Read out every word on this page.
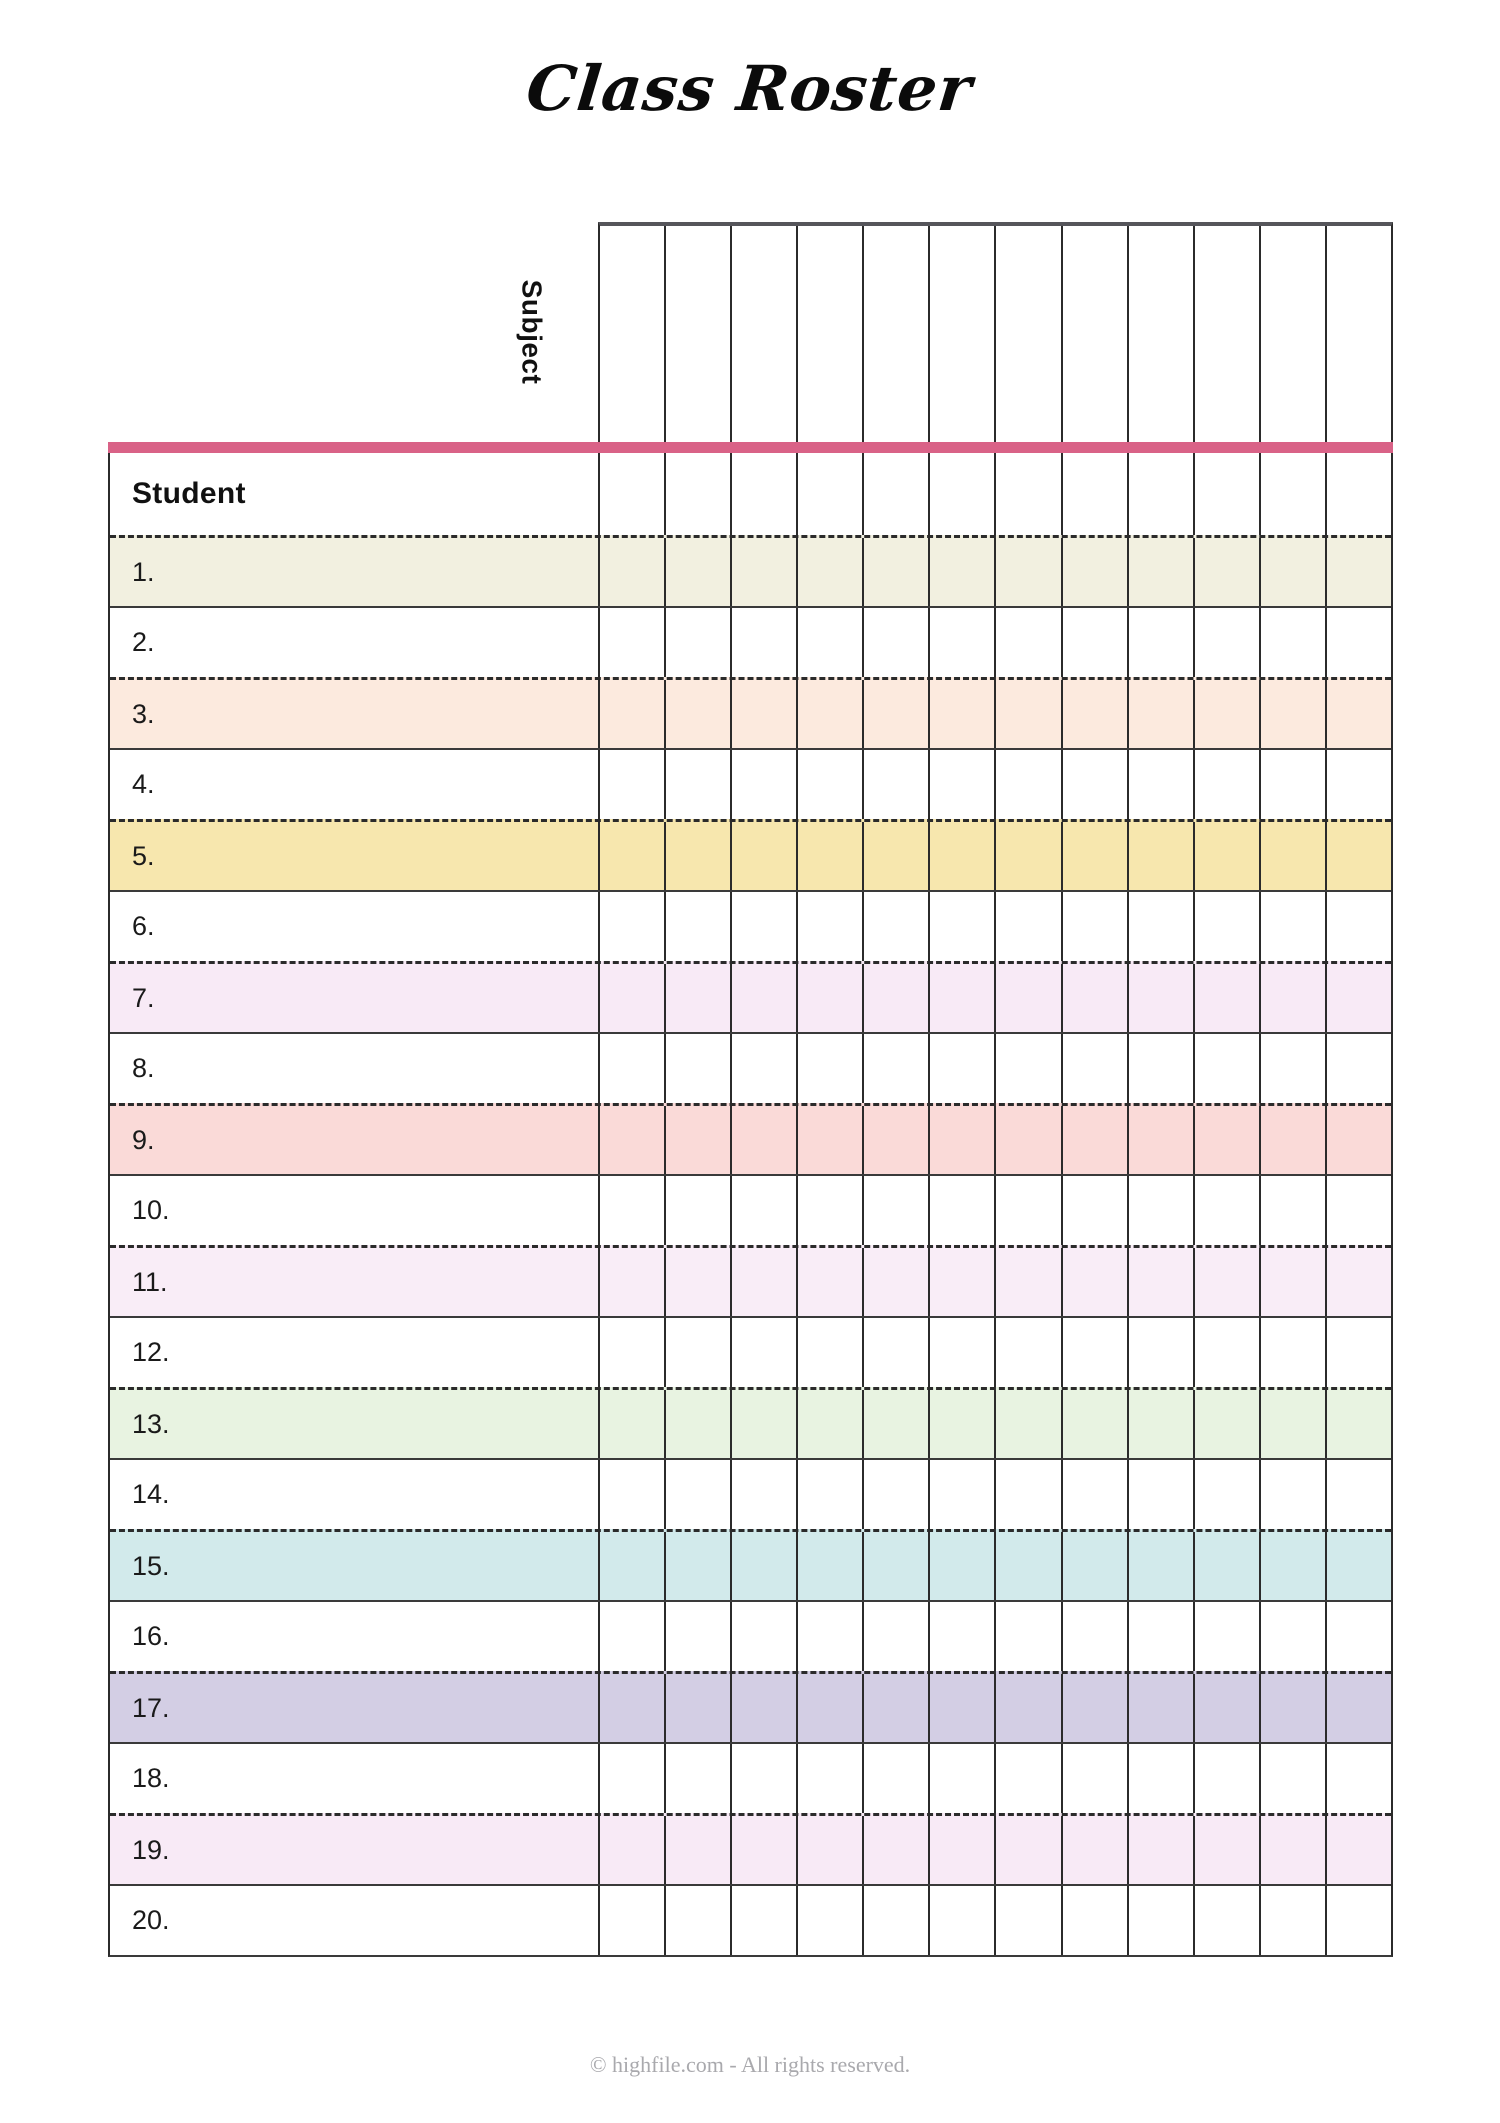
Class Roster
Subject
Student
1.
2.
3.
4.
5.
6.
7.
8.
9.
10.
11.
12.
13.
14.
15.
16.
17.
18.
19.
20.
© highfile.com - All rights reserved.
